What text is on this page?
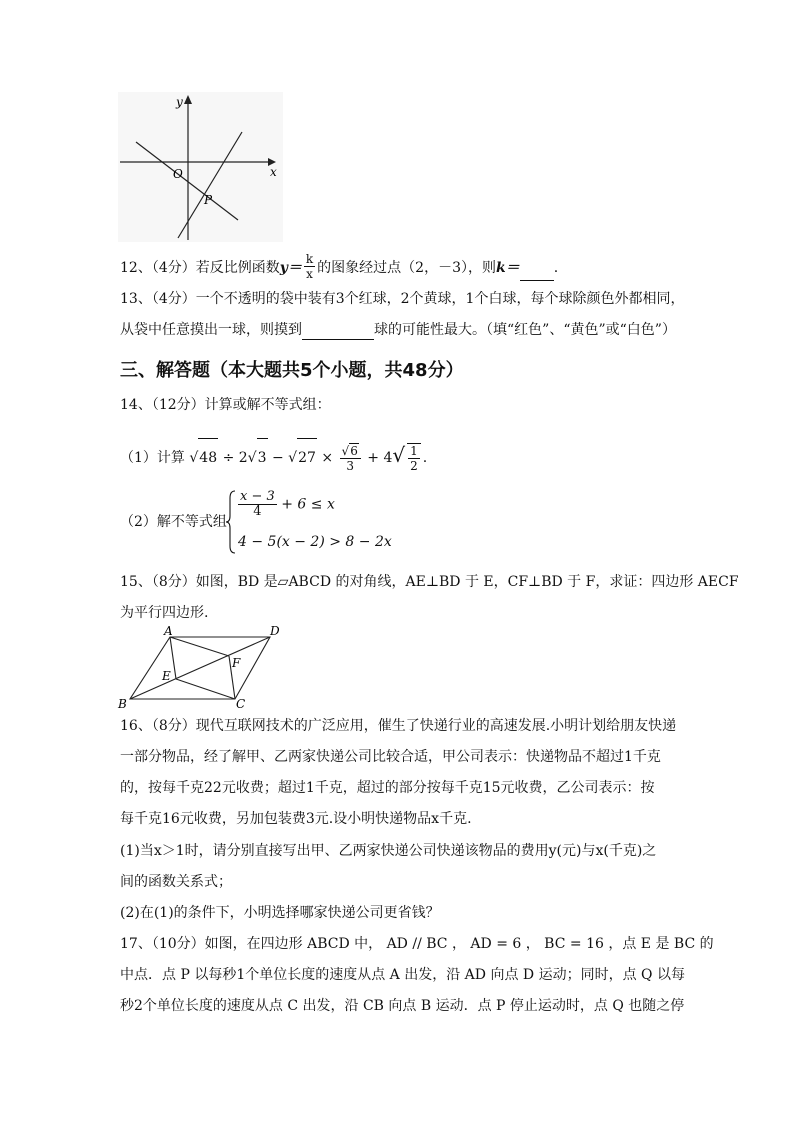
y
x
O
P
12、（4分）若反比例函数$y= \frac{k}{x}$ 的图象经过点（2，－3），则k＝ .
13、（4分）一个不透明的袋中装有3个红球，2个黄球，1个白球，每个球除颜色外都相同，
从袋中任意摸出一球，则摸到	球的可能性最大。（填“红色”、“黄色”或“白色”）
三、解答题（本大题共5个小题，共48分）
14、（12分）计算或解不等式组：
（1）计算 $√48 \div 2√3 - √27 \times \frac{√6}{3} + 4√ \frac{1}{2}$ .
（2）解不等式组
$\frac{x - 3}{4} + 6 \le x$
4 − 5(x − 2) > 8 − 2x
15、（8分）如图，BD 是▱ABCD 的对角线，AE⊥BD 于 E，CF⊥BD 于 F，求证：四边形 AECF
为平行四边形.
A	D
F
E
B	C
16、（8分）现代互联网技术的广泛应用，催生了快递行业的高速发展.小明计划给朋友快递
一部分物品，经了解甲、乙两家快递公司比较合适，甲公司表示：快递物品不超过1千克
的，按每千克22元收费；超过1千克，超过的部分按每千克15元收费，乙公司表示：按
每千克16元收费，另加包装费3元.设小明快递物品x千克.
(1)当x＞1时，请分别直接写出甲、乙两家快递公司快递该物品的费用y(元)与x(千克)之
间的函数关系式；
(2)在(1)的条件下，小明选择哪家快递公司更省钱？
17、（10分）如图，在四边形 ABCD 中， AD // BC ， AD = 6 ， BC = 16 ，点 E 是 BC 的
中点．点 P 以每秒1个单位长度的速度从点 A 出发，沿 AD 向点 D 运动；同时，点 Q 以每
秒2个单位长度的速度从点 C 出发，沿 CB 向点 B 运动．点 P 停止运动时，点 Q 也随之停
